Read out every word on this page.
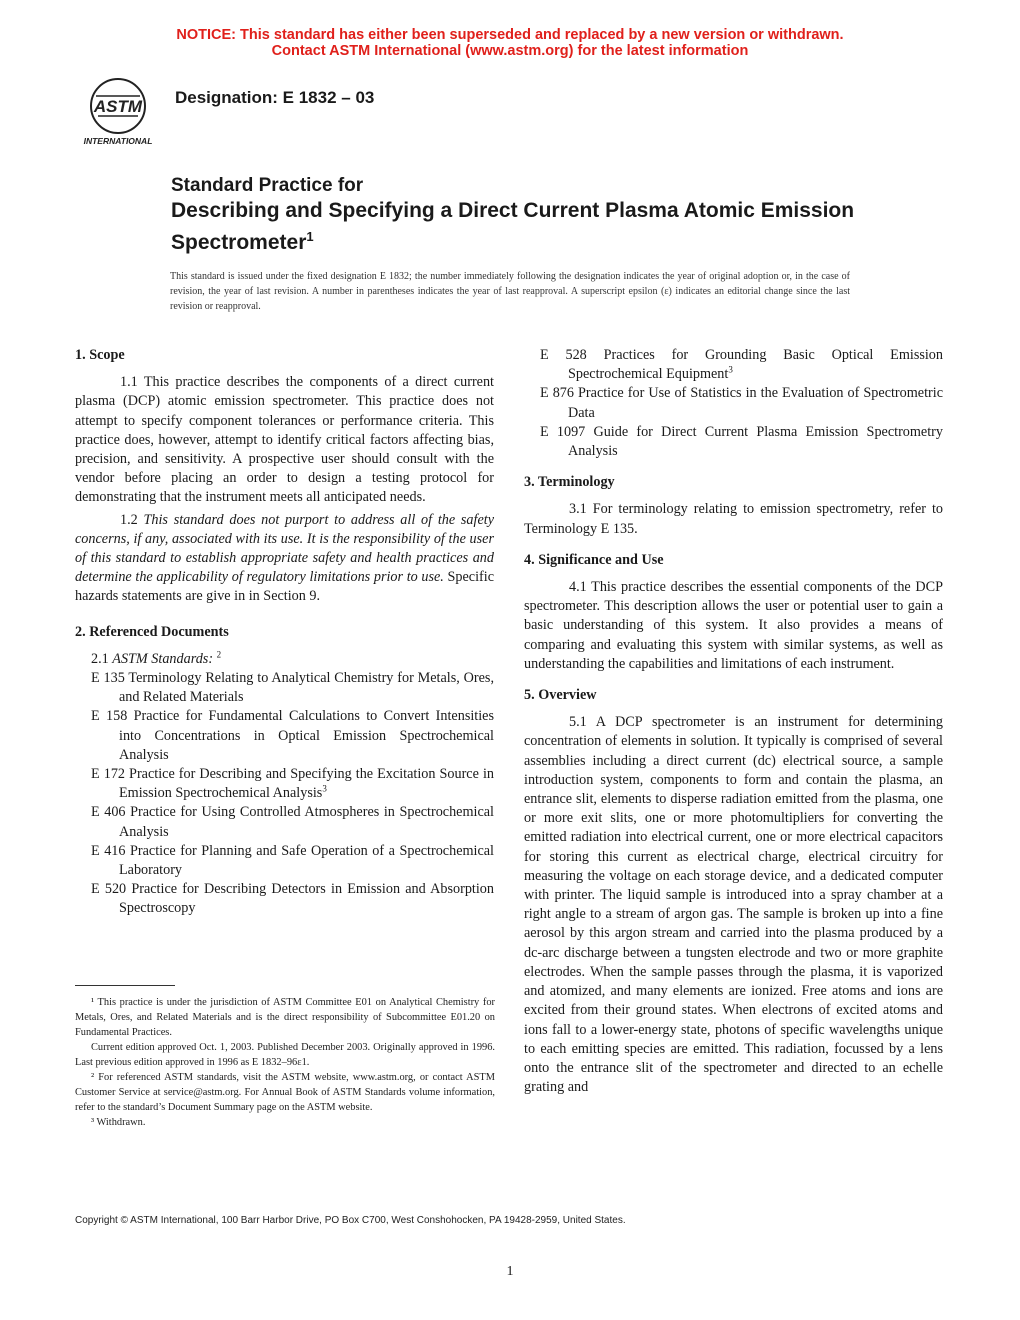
NOTICE: This standard has either been superseded and replaced by a new version or withdrawn.
Contact ASTM International (www.astm.org) for the latest information
ASTM
INTERNATIONAL
Designation: E 1832 – 03
Standard Practice for
Describing and Specifying a Direct Current Plasma Atomic Emission Spectrometer$^1$
This standard is issued under the fixed designation E 1832; the number immediately following the designation indicates the year of original adoption or, in the case of revision, the year of last revision. A number in parentheses indicates the year of last reapproval. A superscript epsilon (ε) indicates an editorial change since the last revision or reapproval.
1. Scope

1.1 This practice describes the components of a direct current plasma (DCP) atomic emission spectrometer. This practice does not attempt to specify component tolerances or performance criteria. This practice does, however, attempt to identify critical factors affecting bias, precision, and sensitivity. A prospective user should consult with the vendor before placing an order to design a testing protocol for demonstrating that the instrument meets all anticipated needs.

1.2 This standard does not purport to address all of the safety concerns, if any, associated with its use. It is the responsibility of the user of this standard to establish appropriate safety and health practices and determine the applicability of regulatory limitations prior to use. Specific hazards statements are give in in Section 9.

2. Referenced Documents
2.1 ASTM Standards: $^2$
E 135 Terminology Relating to Analytical Chemistry for Metals, Ores, and Related Materials
E 158 Practice for Fundamental Calculations to Convert Intensities into Concentrations in Optical Emission Spectrochemical Analysis
E 172 Practice for Describing and Specifying the Excitation Source in Emission Spectrochemical Analysis$^3$
E 406 Practice for Using Controlled Atmospheres in Spectrochemical Analysis
E 416 Practice for Planning and Safe Operation of a Spectrochemical Laboratory
E 520 Practice for Describing Detectors in Emission and Absorption Spectroscopy
E 528 Practices for Grounding Basic Optical Emission Spectrochemical Equipment$^3$
E 876 Practice for Use of Statistics in the Evaluation of Spectrometric Data
E 1097 Guide for Direct Current Plasma Emission Spectrometry Analysis
3. Terminology

3.1 For terminology relating to emission spectrometry, refer to Terminology E 135.

4. Significance and Use

4.1 This practice describes the essential components of the DCP spectrometer. This description allows the user or potential user to gain a basic understanding of this system. It also provides a means of comparing and evaluating this system with similar systems, as well as understanding the capabilities and limitations of each instrument.

5. Overview

5.1 A DCP spectrometer is an instrument for determining concentration of elements in solution. It typically is comprised of several assemblies including a direct current (dc) electrical source, a sample introduction system, components to form and contain the plasma, an entrance slit, elements to disperse radiation emitted from the plasma, one or more exit slits, one or more photomultipliers for converting the emitted radiation into electrical current, one or more electrical capacitors for storing this current as electrical charge, electrical circuitry for measuring the voltage on each storage device, and a dedicated computer with printer. The liquid sample is introduced into a spray chamber at a right angle to a stream of argon gas. The sample is broken up into a fine aerosol by this argon stream and carried into the plasma produced by a dc-arc discharge between a tungsten electrode and two or more graphite electrodes. When the sample passes through the plasma, it is vaporized and atomized, and many elements are ionized. Free atoms and ions are excited from their ground states. When electrons of excited atoms and ions fall to a lower-energy state, photons of specific wavelengths unique to each emitting species are emitted. This radiation, focussed by a lens onto the entrance slit of the spectrometer and directed to an echelle grating and

¹ This practice is under the jurisdiction of ASTM Committee E01 on Analytical Chemistry for Metals, Ores, and Related Materials and is the direct responsibility of Subcommittee E01.20 on Fundamental Practices.

Current edition approved Oct. 1, 2003. Published December 2003. Originally approved in 1996. Last previous edition approved in 1996 as E 1832–96ε1.

² For referenced ASTM standards, visit the ASTM website, www.astm.org, or contact ASTM Customer Service at service@astm.org. For Annual Book of ASTM Standards volume information, refer to the standard’s Document Summary page on the ASTM website.

³ Withdrawn.

Copyright © ASTM International, 100 Barr Harbor Drive, PO Box C700, West Conshohocken, PA 19428-2959, United States.
1
